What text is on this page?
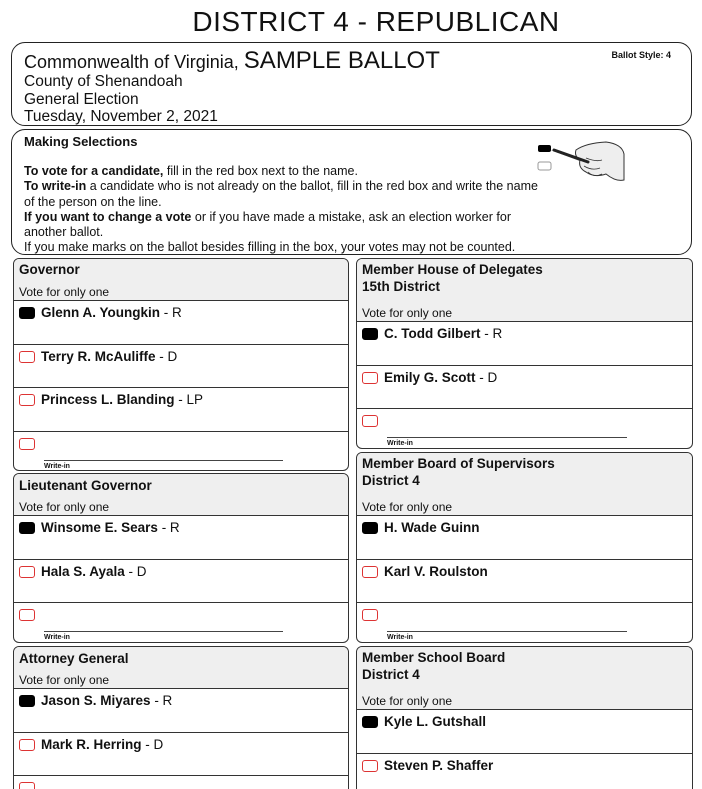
DISTRICT 4 - REPUBLICAN
Commonwealth of Virginia, SAMPLE BALLOT	Ballot Style: 4
County of Shenandoah
General Election
Tuesday, November 2, 2021
Making Selections
To vote for a candidate, fill in the red box next to the name.
To write-in a candidate who is not already on the ballot, fill in the red box and write the name of the person on the line.
If you want to change a vote or if you have made a mistake, ask an election worker for another ballot.
If you make marks on the ballot besides filling in the box, your votes may not be counted.
Governor
Vote for only one
Glenn A. Youngkin - R
Terry R. McAuliffe - D
Princess L. Blanding - LP
Write-in
Lieutenant Governor
Vote for only one
Winsome E. Sears - R
Hala S. Ayala - D
Write-in
Attorney General
Vote for only one
Jason S. Miyares - R
Mark R. Herring - D
Member House of Delegates
15th District
Vote for only one
C. Todd Gilbert - R
Emily G. Scott - D
Write-in
Member Board of Supervisors
District 4
Vote for only one
H. Wade Guinn
Karl V. Roulston
Write-in
Member School Board
District 4
Vote for only one
Kyle L. Gutshall
Steven P. Shaffer
